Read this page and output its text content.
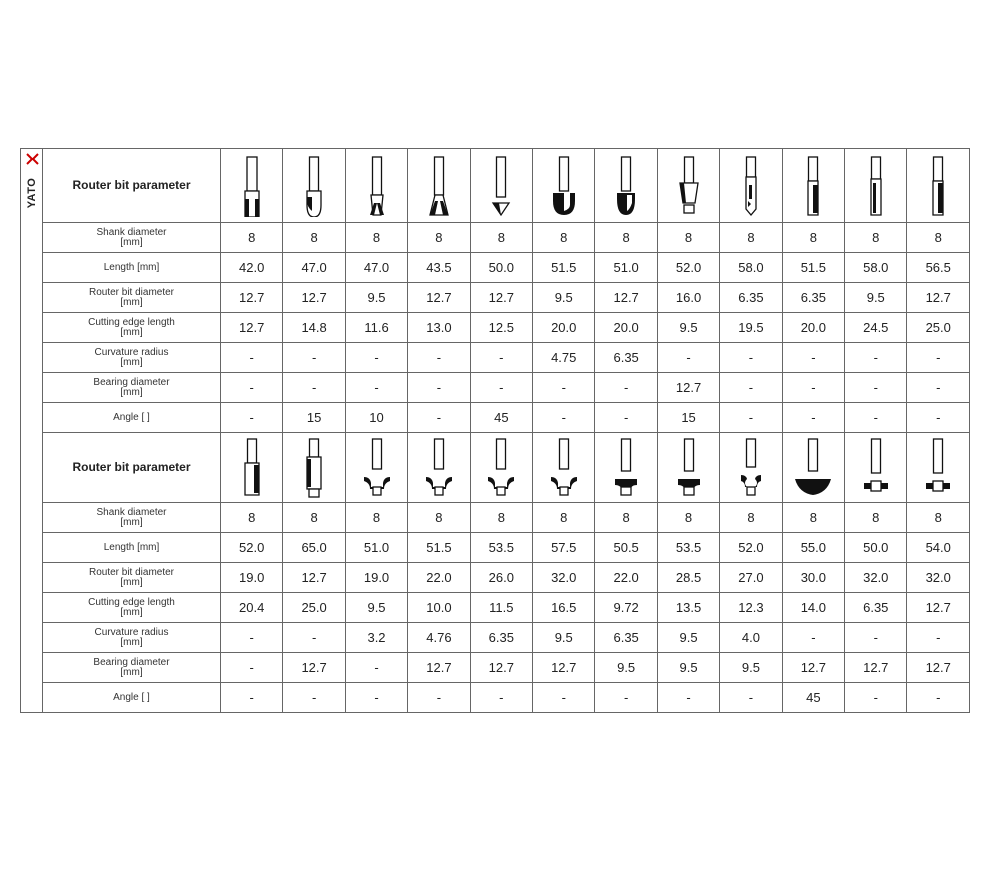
YATO	Router bit parameter	

	Shank diameter
[mm]	8	8	8	8	8	8	8	8	8	8	8	8

	Length [mm]	42.0	47.0	47.0	43.5	50.0	51.5	51.0	52.0	58.0	51.5	58.0	56.5

	Router bit diameter
[mm]	12.7	12.7	9.5	12.7	12.7	9.5	12.7	16.0	6.35	6.35	9.5	12.7

	Cutting edge length
[mm]	12.7	14.8	11.6	13.0	12.5	20.0	20.0	9.5	19.5	20.0	24.5	25.0

	Curvature radius
[mm]	-	-	-	-	-	4.75	6.35	-	-	-	-	-

	Bearing diameter
[mm]	-	-	-	-	-	-	-	12.7	-	-	-	-

	Angle [ ]	-	15	10	-	45	-	-	15	-	-	-	-
	Router bit parameter	

	Shank diameter
[mm]	8	8	8	8	8	8	8	8	8	8	8	8

	Length [mm]	52.0	65.0	51.0	51.5	53.5	57.5	50.5	53.5	52.0	55.0	50.0	54.0

	Router bit diameter
[mm]	19.0	12.7	19.0	22.0	26.0	32.0	22.0	28.5	27.0	30.0	32.0	32.0

	Cutting edge length
[mm]	20.4	25.0	9.5	10.0	11.5	16.5	9.72	13.5	12.3	14.0	6.35	12.7

	Curvature radius
[mm]	-	-	3.2	4.76	6.35	9.5	6.35	9.5	4.0	-	-	-

	Bearing diameter
[mm]	-	12.7	-	12.7	12.7	12.7	9.5	9.5	9.5	12.7	12.7	12.7

	Angle [ ]	-	-	-	-	-	-	-	-	-	45	-	-
